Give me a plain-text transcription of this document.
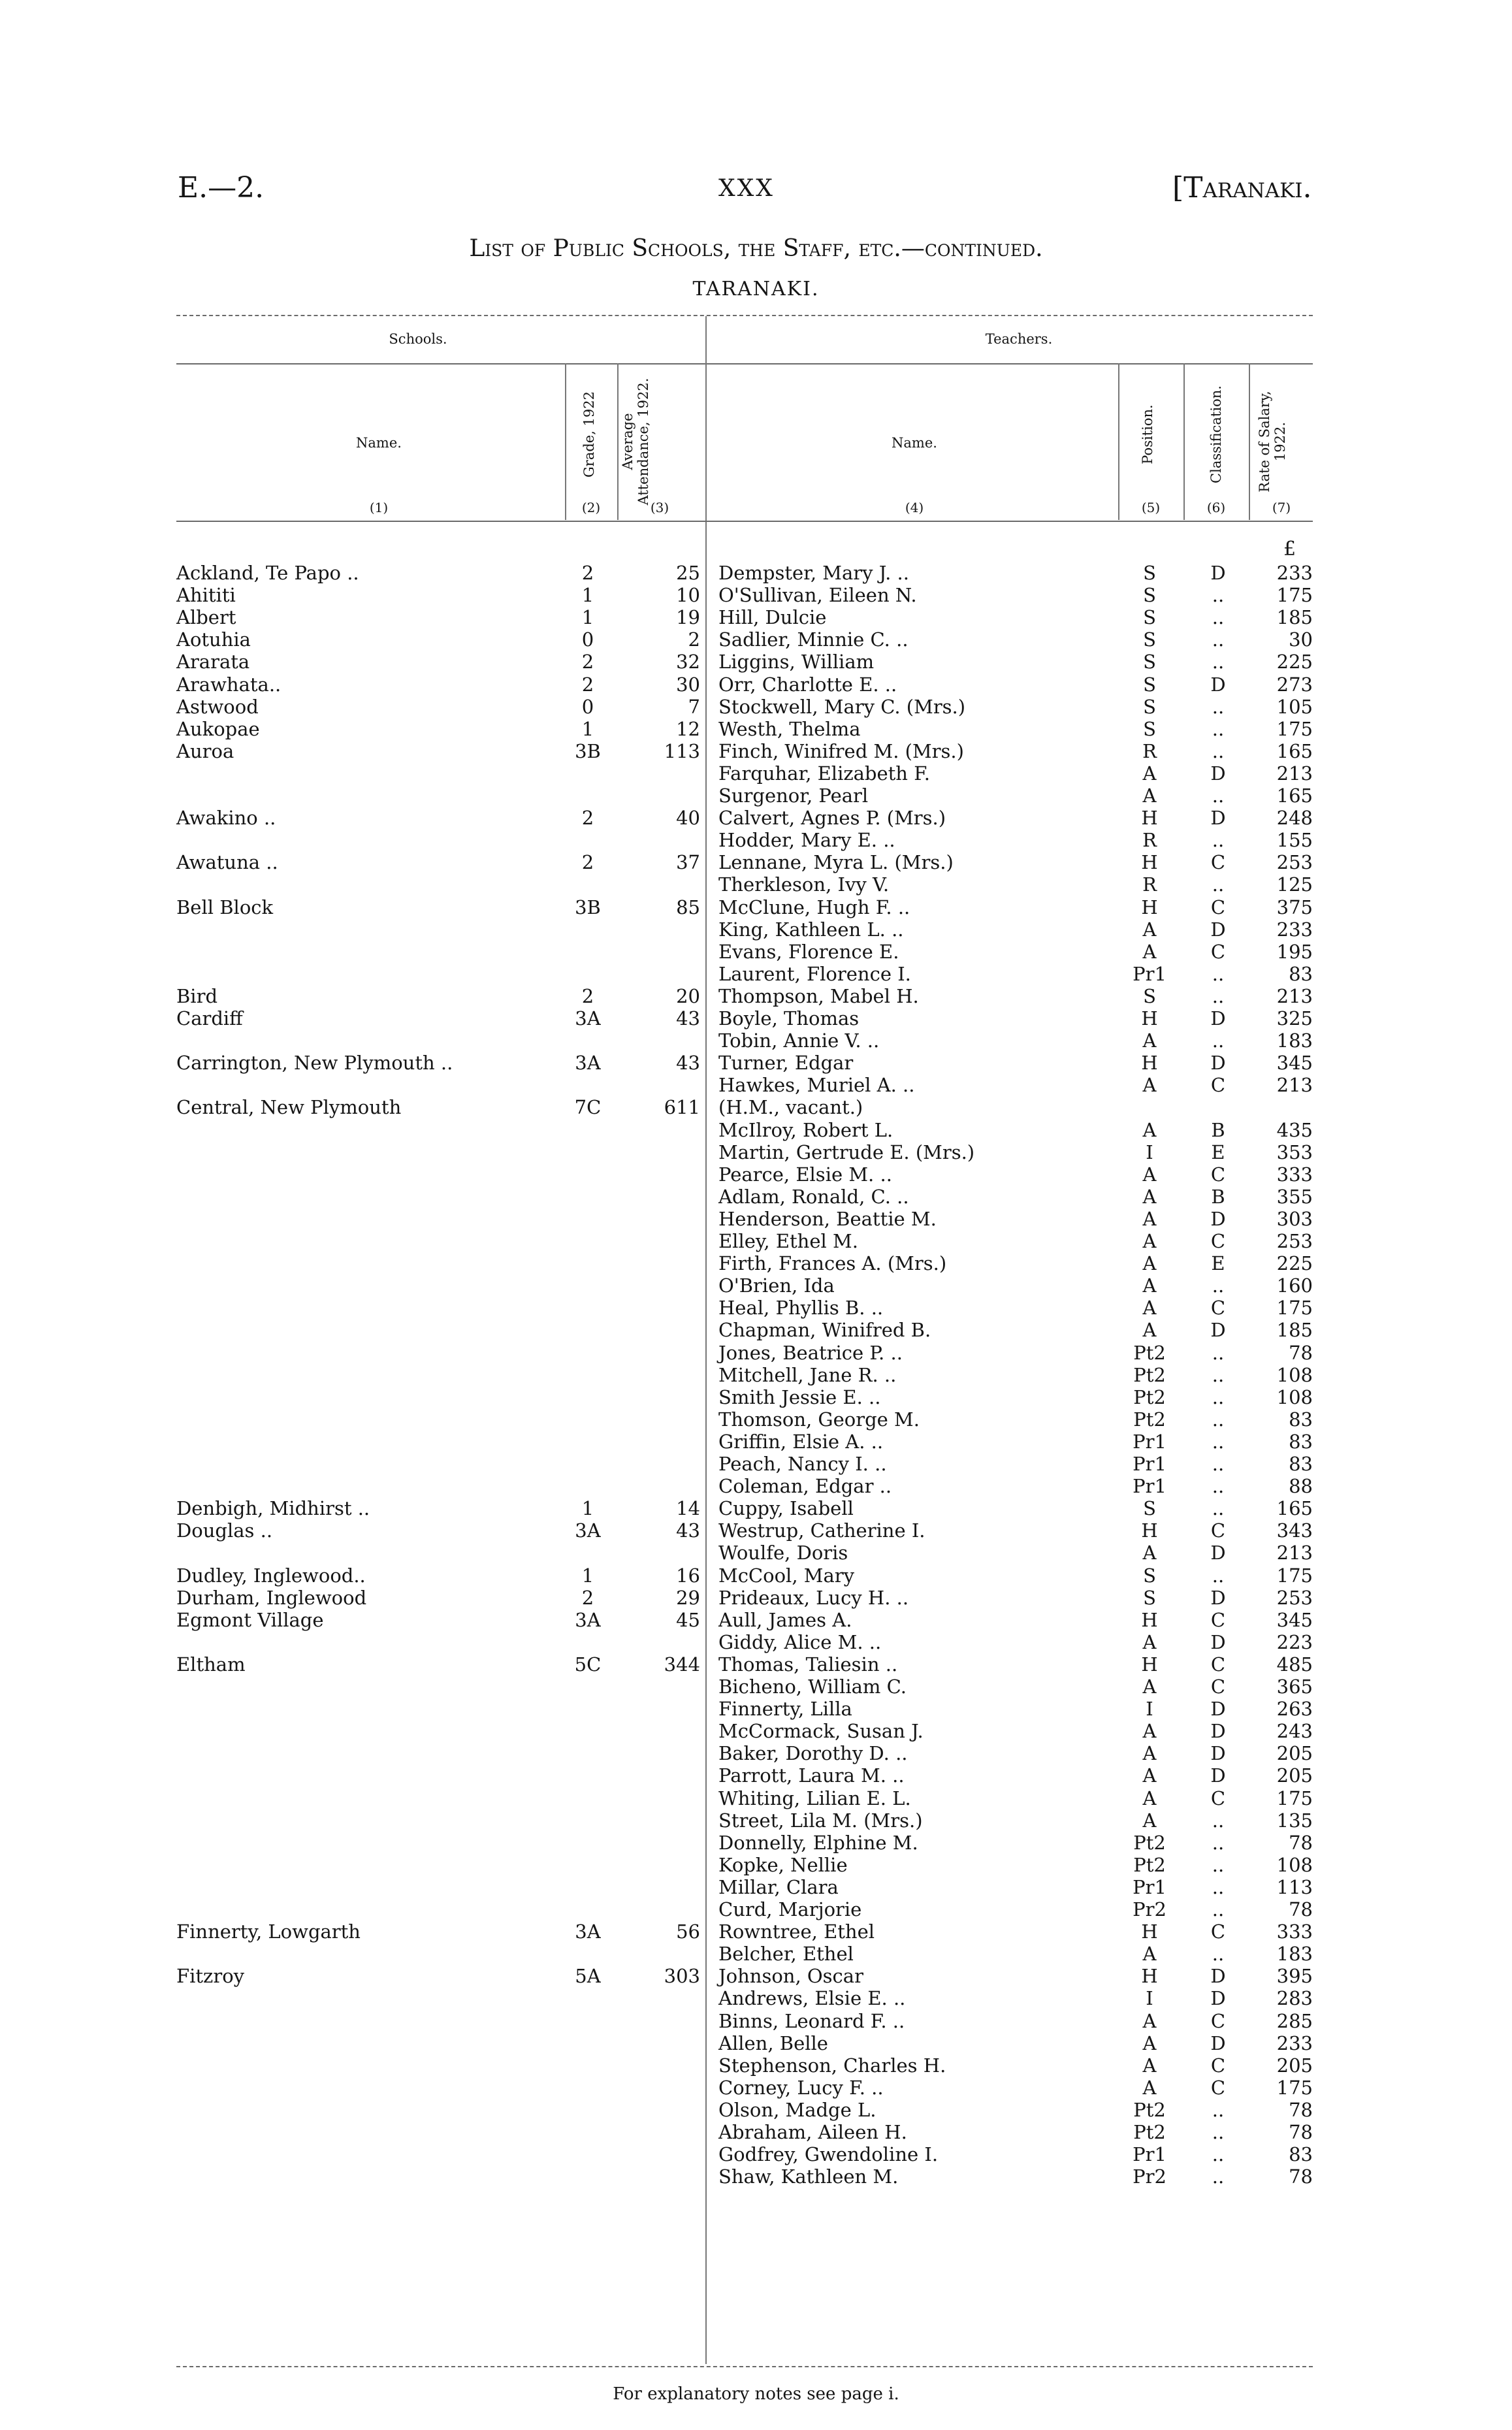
E.—2.	XXX	[Taranaki.
List of Public Schools, the Staff, etc.—continued.
TARANAKI.
Schools.	Teachers.
Name.	Grade, 1922 Average Attendance, 1922.	Name.	Position.	Classification. Rate of Salary, 1922.
(1)	(2)	(3)	(4)	(5)	(6)	(7)
£
Ackland, Te Papo ..	2	25 Dempster, Mary J. ..	S	D	233
Ahititi	1	10 O'Sullivan, Eileen N.	S	..	175
Albert	1	19 Hill, Dulcie	S	..	185
Aotuhia	0	2 Sadlier, Minnie C. ..	S	..	30
Ararata	2	32 Liggins, William	S	..	225
Arawhata..	2	30 Orr, Charlotte E. ..	S	D	273
Astwood	0	7 Stockwell, Mary C. (Mrs.)	S	..	105
Aukopae	1	12 Westh, Thelma	S	..	175
Auroa	3B	113 Finch, Winifred M. (Mrs.)	R	..	165
Farquhar, Elizabeth F.	A	D	213
Surgenor, Pearl	A	..	165
Awakino ..	2	40 Calvert, Agnes P. (Mrs.)	H	D	248
Hodder, Mary E. ..	R	..	155
Awatuna ..	2	37 Lennane, Myra L. (Mrs.)	H	C	253
Therkleson, Ivy V.	R	..	125
Bell Block	3B	85 McClune, Hugh F. ..	H	C	375
King, Kathleen L. ..	A	D	233
Evans, Florence E.	A	C	195
Laurent, Florence I.	Pr1	..	83
Bird	2	20 Thompson, Mabel H.	S	..	213
Cardiff	3A	43 Boyle, Thomas	H	D	325
Tobin, Annie V. ..	A	..	183
Carrington, New Plymouth ..	3A	43 Turner, Edgar	H	D	345
Hawkes, Muriel A. ..	A	C	213
Central, New Plymouth	7C	611 (H.M., vacant.)
McIlroy, Robert L.	A	B	435
Martin, Gertrude E. (Mrs.)	I	E	353
Pearce, Elsie M. ..	A	C	333
Adlam, Ronald, C. ..	A	B	355
Henderson, Beattie M.	A	D	303
Elley, Ethel M.	A	C	253
Firth, Frances A. (Mrs.)	A	E	225
O'Brien, Ida	A	..	160
Heal, Phyllis B. ..	A	C	175
Chapman, Winifred B.	A	D	185
Jones, Beatrice P. ..	Pt2	..	78
Mitchell, Jane R. ..	Pt2	..	108
Smith Jessie E. ..	Pt2	..	108
Thomson, George M.	Pt2	..	83
Griffin, Elsie A. ..	Pr1	..	83
Peach, Nancy I. ..	Pr1	..	83
Coleman, Edgar ..	Pr1	..	88
Denbigh, Midhirst ..	1	14 Cuppy, Isabell	S	..	165
Douglas ..	3A	43 Westrup, Catherine I.	H	C	343
Woulfe, Doris	A	D	213
Dudley, Inglewood..	1	16 McCool, Mary	S	..	175
Durham, Inglewood	2	29 Prideaux, Lucy H. ..	S	D	253
Egmont Village	3A	45 Aull, James A.	H	C	345
Giddy, Alice M. ..	A	D	223
Eltham	5C	344 Thomas, Taliesin ..	H	C	485
Bicheno, William C.	A	C	365
Finnerty, Lilla	I	D	263
McCormack, Susan J.	A	D	243
Baker, Dorothy D. ..	A	D	205
Parrott, Laura M. ..	A	D	205
Whiting, Lilian E. L.	A	C	175
Street, Lila M. (Mrs.)	A	..	135
Donnelly, Elphine M.	Pt2	..	78
Kopke, Nellie	Pt2	..	108
Millar, Clara	Pr1	..	113
Curd, Marjorie	Pr2	..	78
Finnerty, Lowgarth	3A	56 Rowntree, Ethel	H	C	333
Belcher, Ethel	A	..	183
Fitzroy	5A	303 Johnson, Oscar	H	D	395
Andrews, Elsie E. ..	I	D	283
Binns, Leonard F. ..	A	C	285
Allen, Belle	A	D	233
Stephenson, Charles H.	A	C	205
Corney, Lucy F. ..	A	C	175
Olson, Madge L.	Pt2	..	78
Abraham, Aileen H.	Pt2	..	78
Godfrey, Gwendoline I.	Pr1	..	83
Shaw, Kathleen M.	Pr2	..	78
For explanatory notes see page i.
